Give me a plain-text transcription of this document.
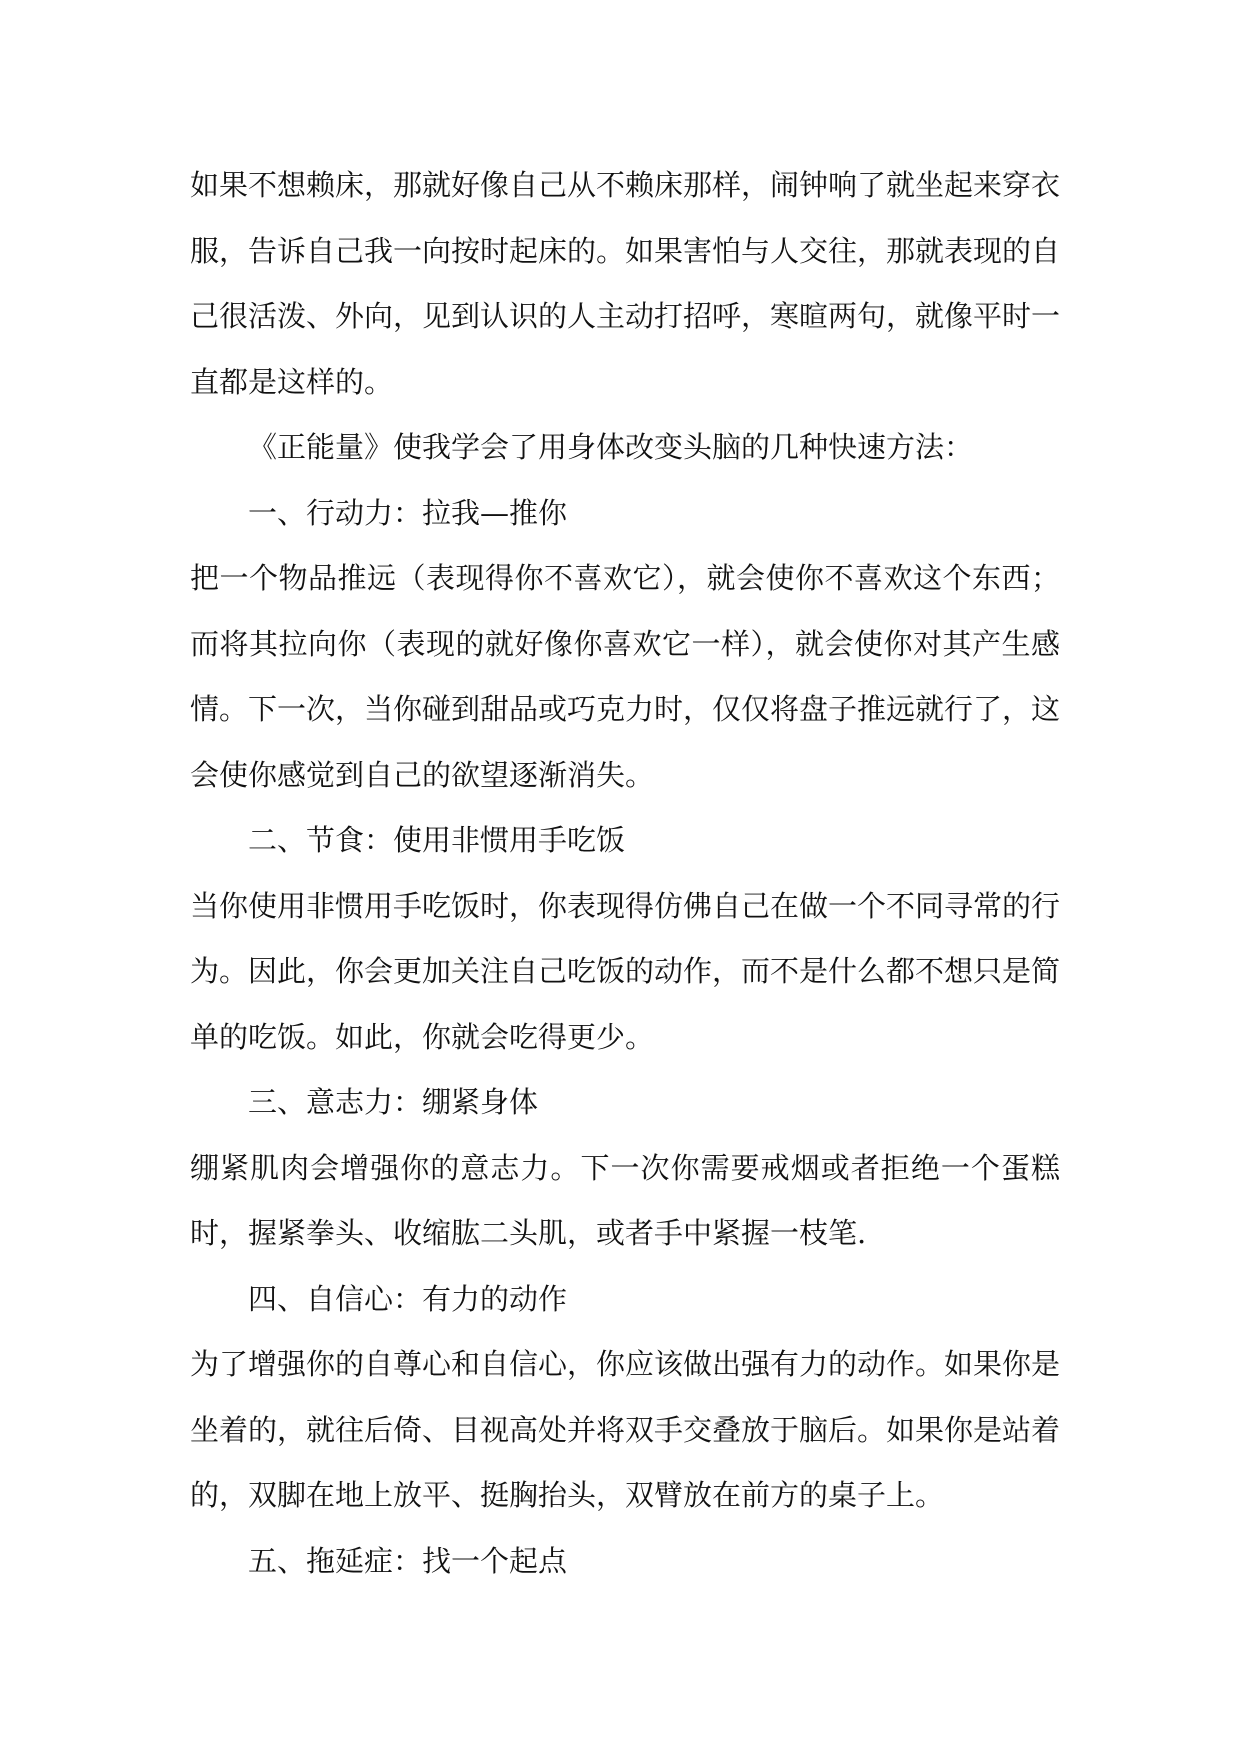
如果不想赖床，那就好像自己从不赖床那样，闹钟响了就坐起来穿衣服，告诉自己我一向按时起床的。如果害怕与人交往，那就表现的自己很活泼、外向，见到认识的人主动打招呼，寒暄两句，就像平时一直都是这样的。

《正能量》使我学会了用身体改变头脑的几种快速方法：

一、行动力：拉我—推你

把一个物品推远（表现得你不喜欢它），就会使你不喜欢这个东西；而将其拉向你（表现的就好像你喜欢它一样），就会使你对其产生感情。下一次，当你碰到甜品或巧克力时，仅仅将盘子推远就行了，这会使你感觉到自己的欲望逐渐消失。

二、节食：使用非惯用手吃饭

当你使用非惯用手吃饭时，你表现得仿佛自己在做一个不同寻常的行为。因此，你会更加关注自己吃饭的动作，而不是什么都不想只是简单的吃饭。如此，你就会吃得更少。

三、意志力：绷紧身体

绷紧肌肉会增强你的意志力。下一次你需要戒烟或者拒绝一个蛋糕时，握紧拳头、收缩肱二头肌，或者手中紧握一枝笔.

四、自信心：有力的动作

为了增强你的自尊心和自信心，你应该做出强有力的动作。如果你是坐着的，就往后倚、目视高处并将双手交叠放于脑后。如果你是站着的，双脚在地上放平、挺胸抬头，双臂放在前方的桌子上。

五、拖延症：找一个起点
